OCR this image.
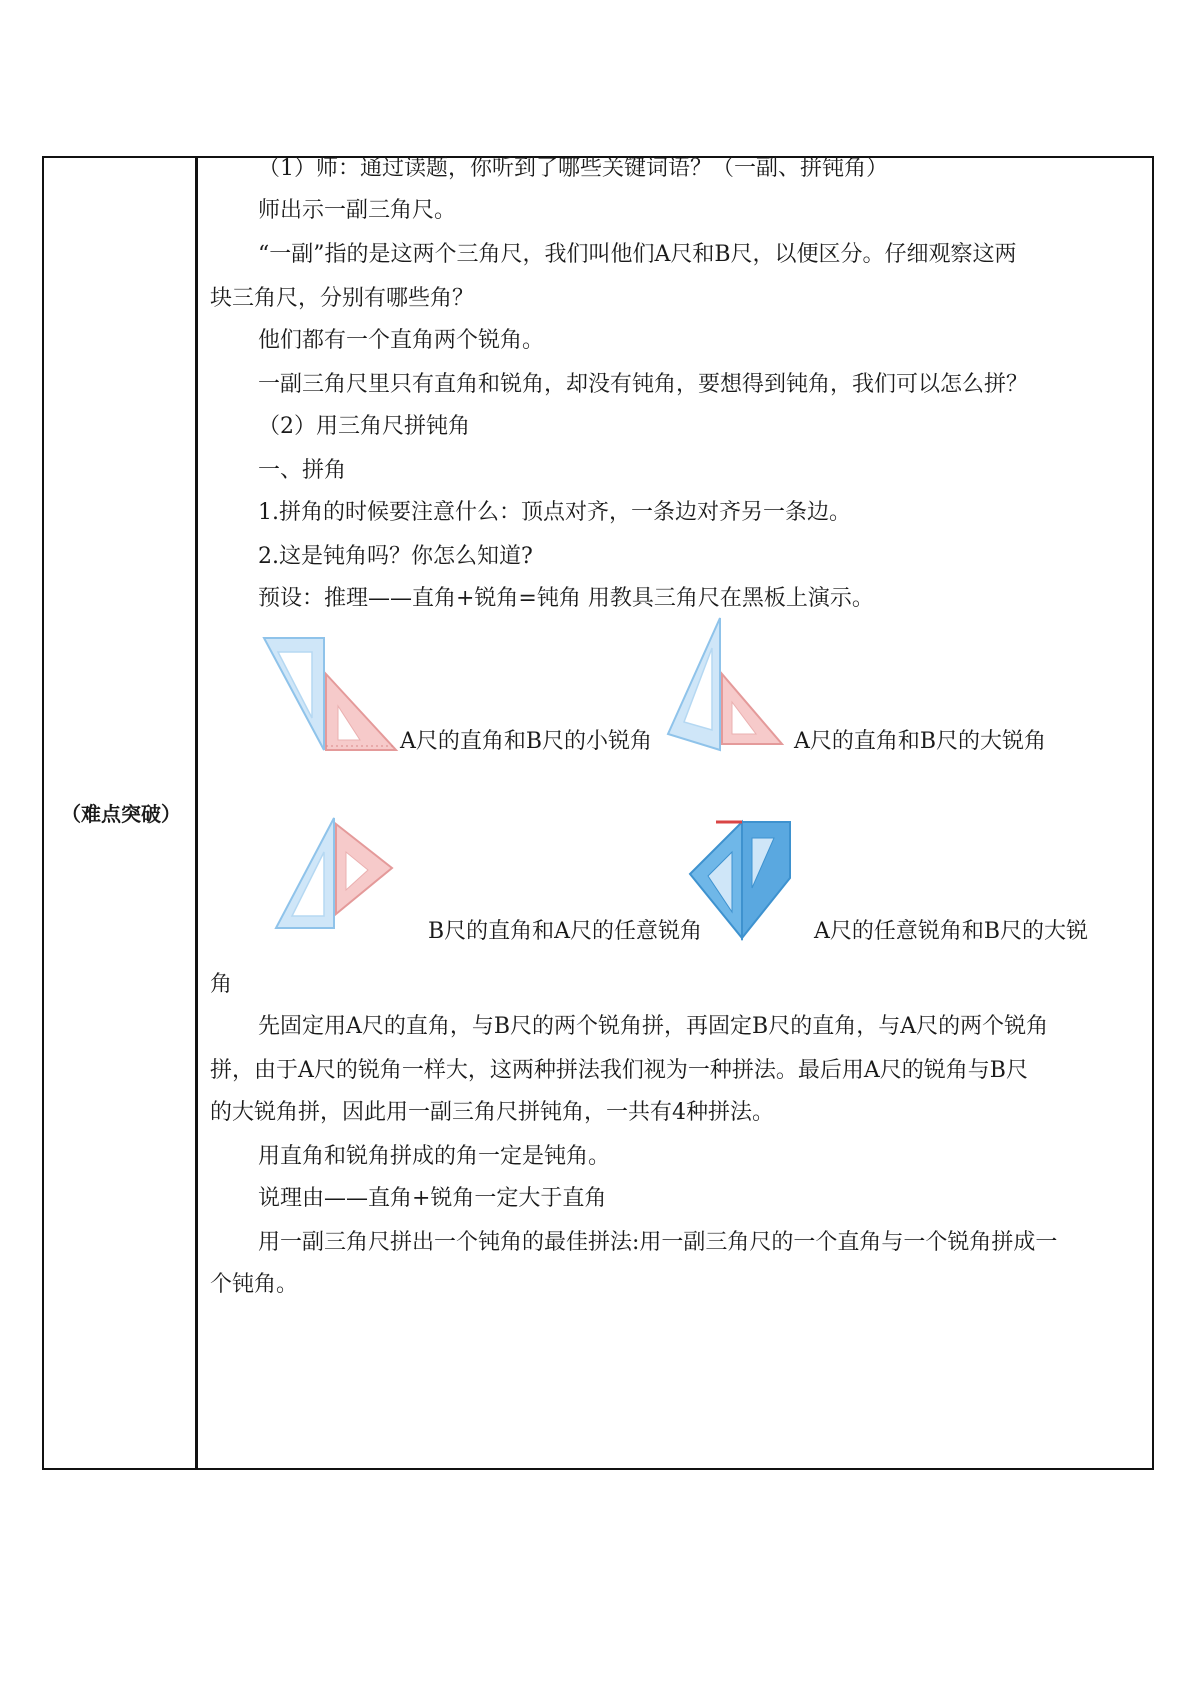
（难点突破）
（1）师：通过读题，你听到了哪些关键词语？（一副、拼钝角）
师出示一副三角尺。
“一副”指的是这两个三角尺，我们叫他们A尺和B尺，以便区分。仔细观察这两
块三角尺，分别有哪些角？
他们都有一个直角两个锐角。
一副三角尺里只有直角和锐角，却没有钝角，要想得到钝角，我们可以怎么拼？
（2）用三角尺拼钝角
一、拼角
1.拼角的时候要注意什么：顶点对齐，一条边对齐另一条边。
2.这是钝角吗？你怎么知道?
预设：推理——直角+锐角=钝角 用教具三角尺在黑板上演示。
A尺的直角和B尺的小锐角	A尺的直角和B尺的大锐角
B尺的直角和A尺的任意锐角	A尺的任意锐角和B尺的大锐
角
先固定用A尺的直角，与B尺的两个锐角拼，再固定B尺的直角，与A尺的两个锐角
拼，由于A尺的锐角一样大，这两种拼法我们视为一种拼法。最后用A尺的锐角与B尺
的大锐角拼，因此用一副三角尺拼钝角，一共有4种拼法。
用直角和锐角拼成的角一定是钝角。
说理由——直角+锐角一定大于直角
用一副三角尺拼出一个钝角的最佳拼法:用一副三角尺的一个直角与一个锐角拼成一
个钝角。
